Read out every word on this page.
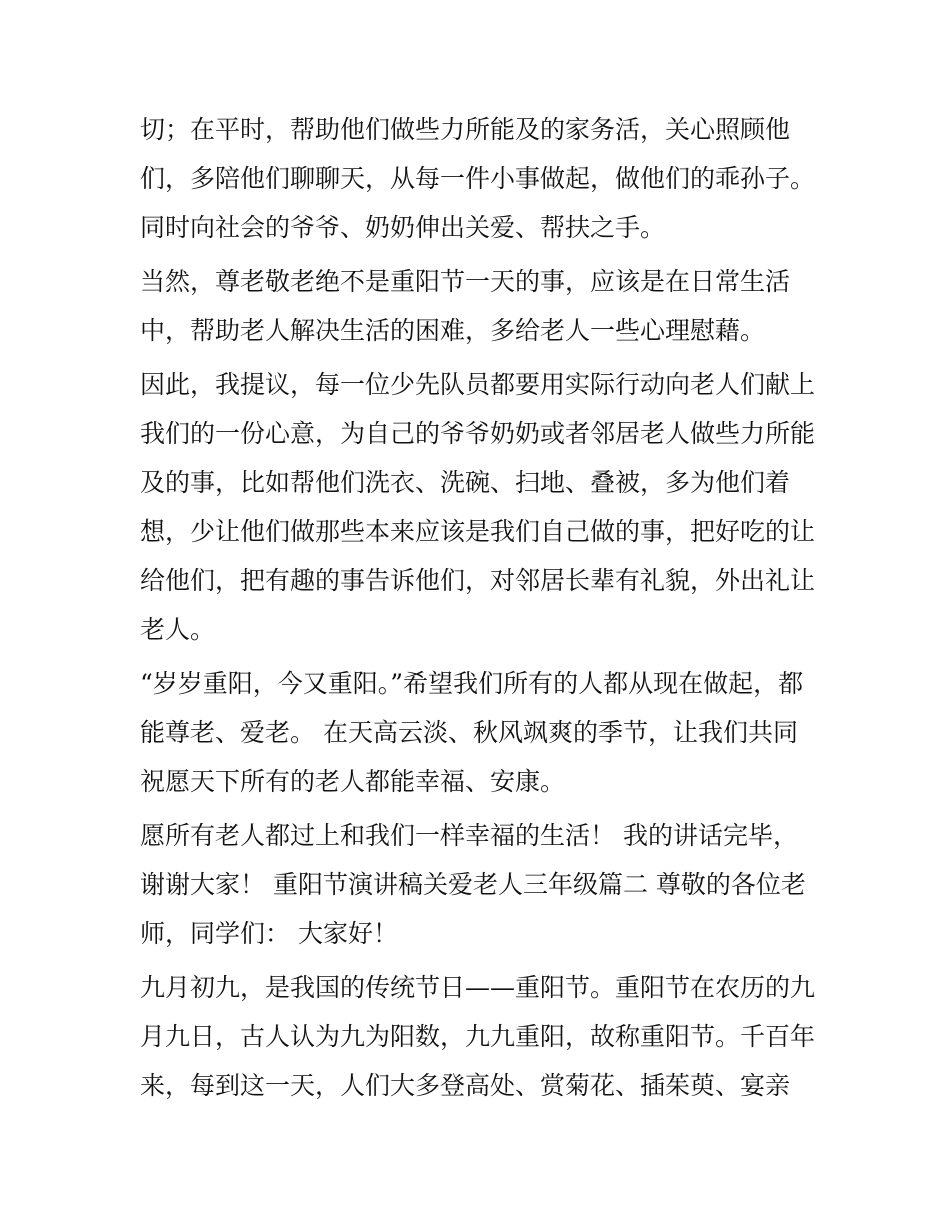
切；在平时，帮助他们做些力所能及的家务活，关心照顾他
们，多陪他们聊聊天，从每一件小事做起，做他们的乖孙子。
同时向社会的爷爷、奶奶伸出关爱、帮扶之手。
当然，尊老敬老绝不是重阳节一天的事，应该是在日常生活
中，帮助老人解决生活的困难，多给老人一些心理慰藉。
因此，我提议，每一位少先队员都要用实际行动向老人们献上
我们的一份心意，为自己的爷爷奶奶或者邻居老人做些力所能
及的事，比如帮他们洗衣、洗碗、扫地、叠被，多为他们着
想，少让他们做那些本来应该是我们自己做的事，把好吃的让
给他们，把有趣的事告诉他们，对邻居长辈有礼貌，外出礼让
老人。
“岁岁重阳，今又重阳。”希望我们所有的人都从现在做起，都
能尊老、爱老。 在天高云淡、秋风飒爽的季节，让我们共同
祝愿天下所有的老人都能幸福、安康。
愿所有老人都过上和我们一样幸福的生活！ 我的讲话完毕，
谢谢大家！ 重阳节演讲稿关爱老人三年级篇二 尊敬的各位老
师，同学们： 大家好！
九月初九，是我国的传统节日——重阳节。重阳节在农历的九
月九日，古人认为九为阳数，九九重阳，故称重阳节。千百年
来，每到这一天，人们大多登高处、赏菊花、插茱萸、宴亲
